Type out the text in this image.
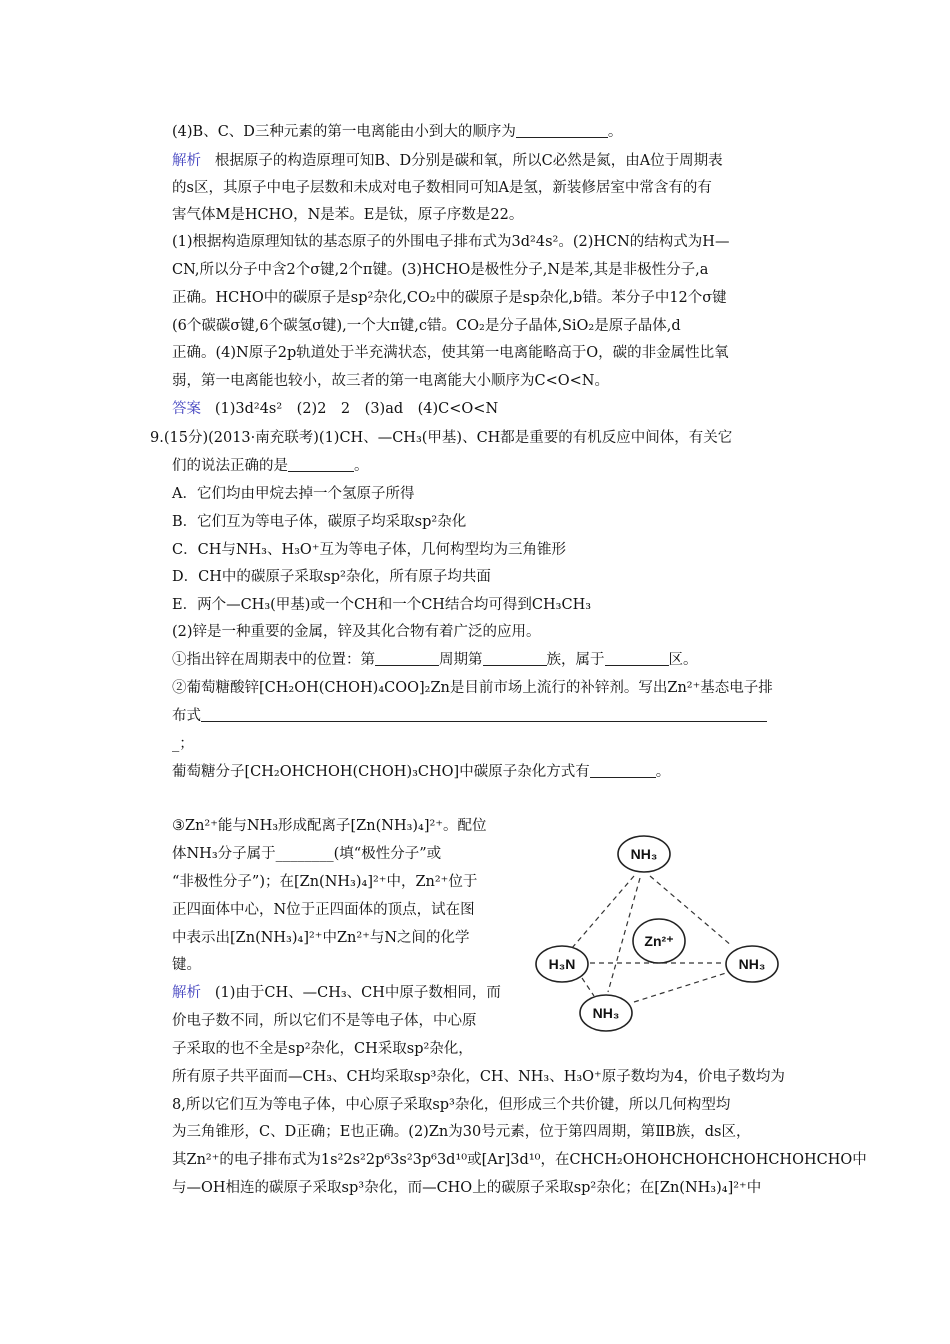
(4)B、C、D三种元素的第一电离能由小到大的顺序为	。
解析 根据原子的构造原理可知B、D分别是碳和氧，所以C必然是氮，由A位于周期表
的s区，其原子中电子层数和未成对电子数相同可知A是氢，新装修居室中常含有的有
害气体M是HCHO，N是苯。E是钛，原子序数是22。
(1)根据构造原理知钛的基态原子的外围电子排布式为3d²4s²。(2)HCN的结构式为H—
CN,所以分子中含2个σ键,2个π键。(3)HCHO是极性分子,N是苯,其是非极性分子,a
正确。HCHO中的碳原子是sp²杂化,CO₂中的碳原子是sp杂化,b错。苯分子中12个σ键
(6个碳碳σ键,6个碳氢σ键),一个大π键,c错。CO₂是分子晶体,SiO₂是原子晶体,d
正确。(4)N原子2p轨道处于半充满状态，使其第一电离能略高于O，碳的非金属性比氧
弱，第一电离能也较小，故三者的第一电离能大小顺序为C<O<N。
答案 (1)3d²4s²　(2)2　2　(3)ad　(4)C<O<N
9.(15分)(2013·南充联考)(1)CH、—CH₃(甲基)、CH都是重要的有机反应中间体，有关它
们的说法正确的是	。
A．它们均由甲烷去掉一个氢原子所得
B．它们互为等电子体，碳原子均采取sp²杂化
C．CH与NH₃、H₃O⁺互为等电子体，几何构型均为三角锥形
D．CH中的碳原子采取sp²杂化，所有原子均共面
E．两个—CH₃(甲基)或一个CH和一个CH结合均可得到CH₃CH₃
(2)锌是一种重要的金属，锌及其化合物有着广泛的应用。
①指出锌在周期表中的位置：第	周期第	族，属于	区。
②葡萄糖酸锌[CH₂OH(CHOH)₄COO]₂Zn是目前市场上流行的补锌剂。写出Zn²⁺基态电子排
布式
_；
葡萄糖分子[CH₂OHCHOH(CHOH)₃CHO]中碳原子杂化方式有	。
③Zn²⁺能与NH₃形成配离子[Zn(NH₃)₄]²⁺。配位
体NH₃分子属于________(填“极性分子”或
“非极性分子”)；在[Zn(NH₃)₄]²⁺中，Zn²⁺位于
正四面体中心，N位于正四面体的顶点，试在图
中表示出[Zn(NH₃)₄]²⁺中Zn²⁺与N之间的化学
键。
解析 (1)由于CH、—CH₃、CH中原子数相同，而
价电子数不同，所以它们不是等电子体，中心原
子采取的也不全是sp²杂化，CH采取sp²杂化，
所有原子共平面而—CH₃、CH均采取sp³杂化，CH、NH₃、H₃O⁺原子数均为4，价电子数均为
8,所以它们互为等电子体，中心原子采取sp³杂化，但形成三个共价键，所以几何构型均
为三角锥形，C、D正确；E也正确。(2)Zn为30号元素，位于第四周期，第ⅡB族，ds区，
其Zn²⁺的电子排布式为1s²2s²2p⁶3s²3p⁶3d¹⁰或[Ar]3d¹⁰，在CHCH₂OHOHCHOHCHOHCHOHCHO中
与—OH相连的碳原子采取sp³杂化，而—CHO上的碳原子采取sp²杂化；在[Zn(NH₃)₄]²⁺中
NH₃
H₃N	NH₃
NH₃
Zn²⁺
